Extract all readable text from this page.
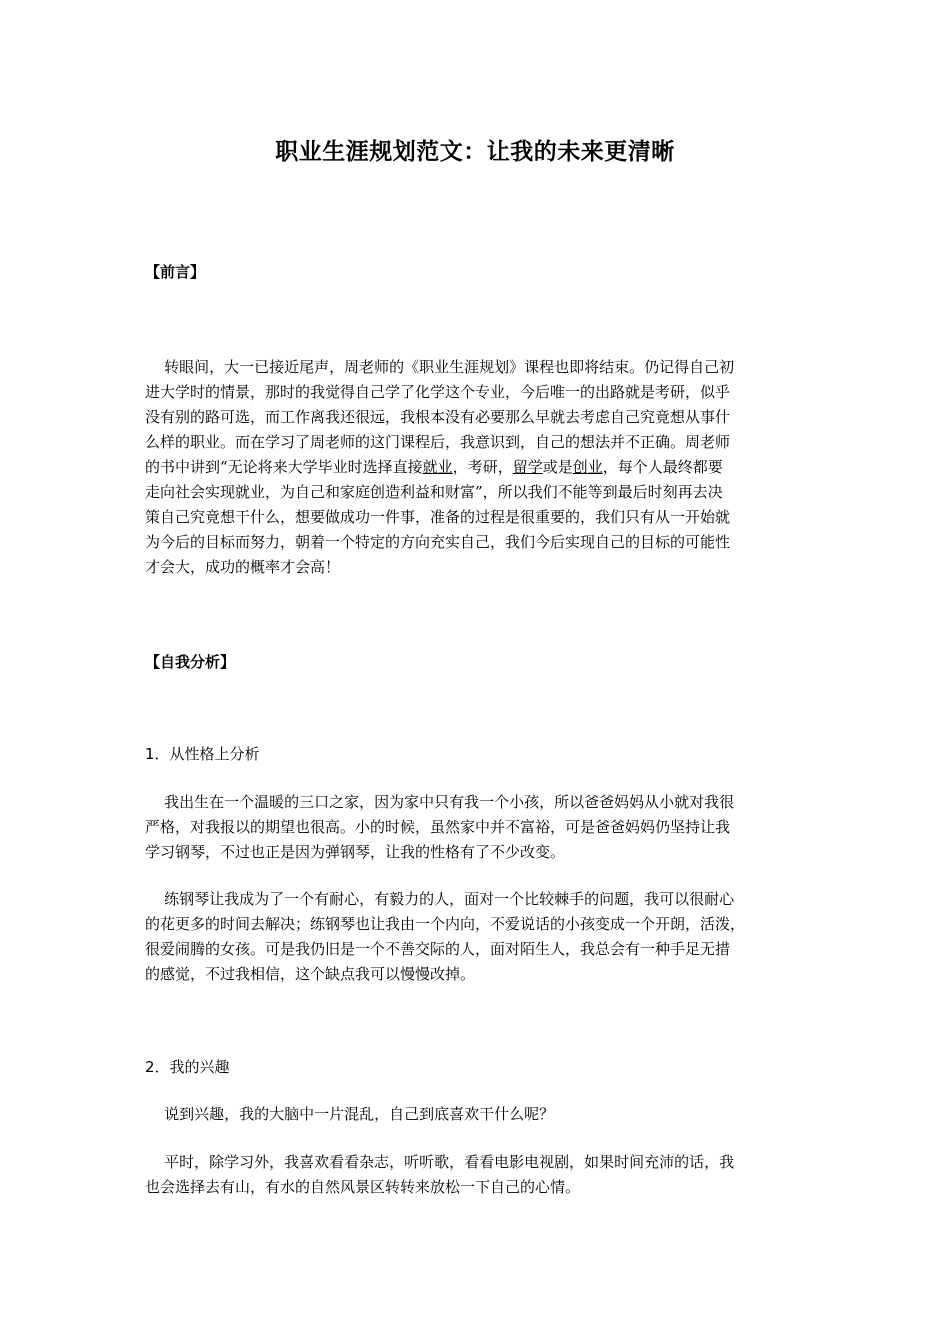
职业生涯规划范文：让我的未来更清晰
【前言】
转眼间，大一已接近尾声，周老师的《职业生涯规划》课程也即将结束。仍记得自己初
进大学时的情景，那时的我觉得自己学了化学这个专业，今后唯一的出路就是考研，似乎
没有别的路可选，而工作离我还很远，我根本没有必要那么早就去考虑自己究竟想从事什
么样的职业。而在学习了周老师的这门课程后，我意识到，自己的想法并不正确。周老师
的书中讲到“无论将来大学毕业时选择直接就业，考研，留学或是创业，每个人最终都要
走向社会实现就业，为自己和家庭创造利益和财富”，所以我们不能等到最后时刻再去决
策自己究竟想干什么，想要做成功一件事，准备的过程是很重要的，我们只有从一开始就
为今后的目标而努力，朝着一个特定的方向充实自己，我们今后实现自己的目标的可能性
才会大，成功的概率才会高！
【自我分析】
1．从性格上分析
我出生在一个温暖的三口之家，因为家中只有我一个小孩，所以爸爸妈妈从小就对我很
严格，对我报以的期望也很高。小的时候，虽然家中并不富裕，可是爸爸妈妈仍坚持让我
学习钢琴，不过也正是因为弹钢琴，让我的性格有了不少改变。
练钢琴让我成为了一个有耐心，有毅力的人，面对一个比较棘手的问题，我可以很耐心
的花更多的时间去解决；练钢琴也让我由一个内向，不爱说话的小孩变成一个开朗，活泼，
很爱闹腾的女孩。可是我仍旧是一个不善交际的人，面对陌生人，我总会有一种手足无措
的感觉，不过我相信，这个缺点我可以慢慢改掉。
2．我的兴趣
说到兴趣，我的大脑中一片混乱，自己到底喜欢干什么呢？
平时，除学习外，我喜欢看看杂志，听听歌，看看电影电视剧，如果时间充沛的话，我
也会选择去有山，有水的自然风景区转转来放松一下自己的心情。
